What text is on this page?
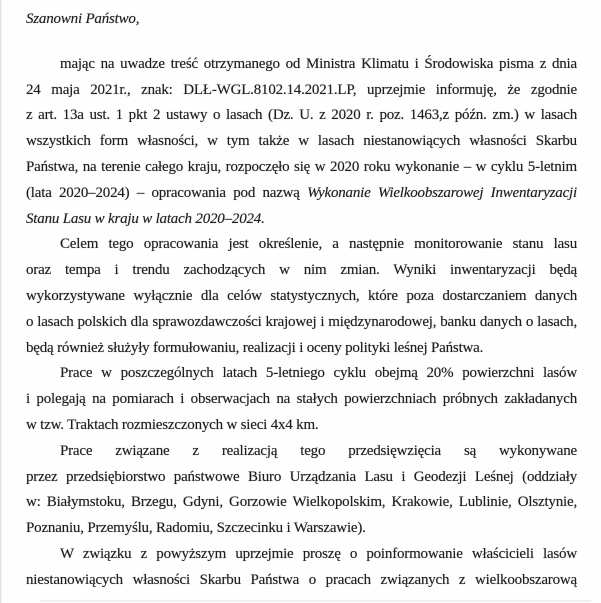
Szanowni Państwo,
mając na uwadze treść otrzymanego od Ministra Klimatu i Środowiska pisma z dnia
24 maja 2021r., znak: DLŁ-WGL.8102.14.2021.LP, uprzejmie informuję, że zgodnie
z art. 13a ust. 1 pkt 2 ustawy o lasach (Dz. U. z 2020 r. poz. 1463,z późn. zm.) w lasach
wszystkich form własności, w tym także w lasach niestanowiących własności Skarbu
Państwa, na terenie całego kraju, rozpoczęło się w 2020 roku wykonanie – w cyklu 5-letnim
(lata 2020–2024) – opracowania pod nazwą Wykonanie Wielkoobszarowej Inwentaryzacji
Stanu Lasu w kraju w latach 2020–2024.
Celem tego opracowania jest określenie, a następnie monitorowanie stanu lasu
oraz tempa i trendu zachodzących w nim zmian. Wyniki inwentaryzacji będą
wykorzystywane wyłącznie dla celów statystycznych, które poza dostarczaniem danych
o lasach polskich dla sprawozdawczości krajowej i międzynarodowej, banku danych o lasach,
będą również służyły formułowaniu, realizacji i oceny polityki leśnej Państwa.
Prace w poszczególnych latach 5-letniego cyklu obejmą 20% powierzchni lasów
i polegają na pomiarach i obserwacjach na stałych powierzchniach próbnych zakładanych
w tzw. Traktach rozmieszczonych w sieci 4x4 km.
Prace związane z realizacją tego przedsięwzięcia są wykonywane
przez przedsiębiorstwo państwowe Biuro Urządzania Lasu i Geodezji Leśnej (oddziały
w: Białymstoku, Brzegu, Gdyni, Gorzowie Wielkopolskim, Krakowie, Lublinie, Olsztynie,
Poznaniu, Przemyślu, Radomiu, Szczecinku i Warszawie).
W związku z powyższym uprzejmie proszę o poinformowanie właścicieli lasów
niestanowiących własności Skarbu Państwa o pracach związanych z wielkoobszarową
